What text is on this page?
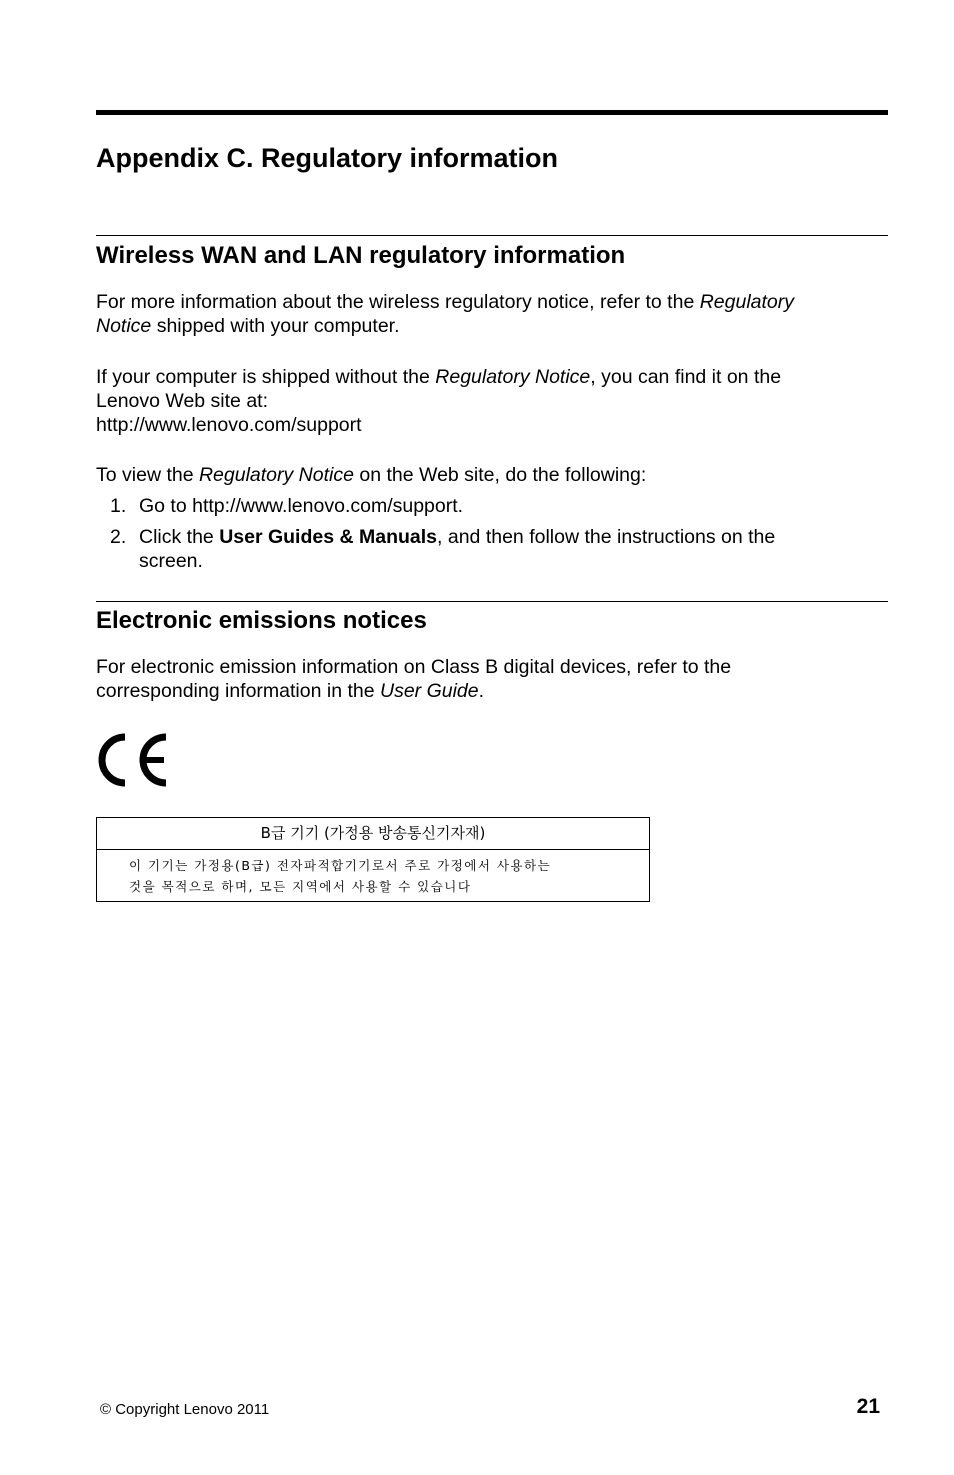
Appendix C. Regulatory information
Wireless WAN and LAN regulatory information

For more information about the wireless regulatory notice, refer to the Regulatory
Notice shipped with your computer.

If your computer is shipped without the Regulatory Notice, you can find it on the
Lenovo Web site at:
http://www.lenovo.com/support

To view the Regulatory Notice on the Web site, do the following:

1. Go to http://www.lenovo.com/support.
2. Click the User Guides & Manuals, and then follow the instructions on the
screen.
Electronic emissions notices

For electronic emission information on Class B digital devices, refer to the
corresponding information in the User Guide.

B급 기기 (가정용 방송통신기자재)
이 기기는 가정용(B급) 전자파적합기기로서 주로 가정에서 사용하는
것을 목적으로 하며, 모든 지역에서 사용할 수 있습니다
© Copyright Lenovo 2011	21
